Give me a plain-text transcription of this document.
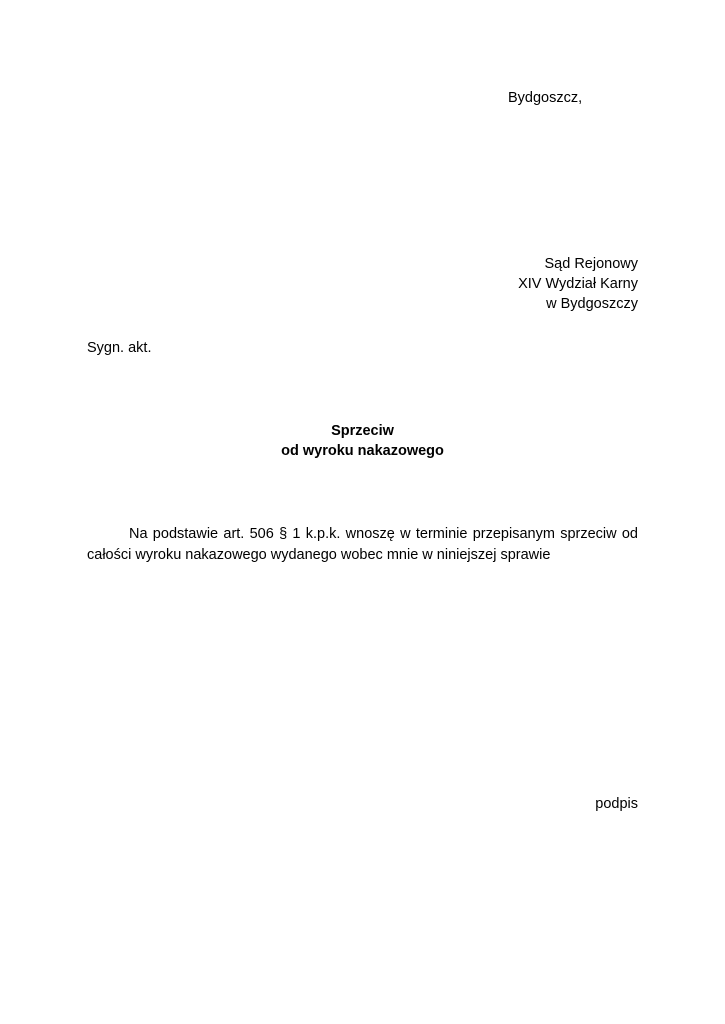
Bydgoszcz,
Sąd Rejonowy
XIV Wydział Karny
w Bydgoszczy
Sygn. akt.
Sprzeciw
od wyroku nakazowego
Na podstawie art. 506 § 1 k.p.k. wnoszę w terminie przepisanym sprzeciw od całości wyroku nakazowego wydanego wobec mnie w niniejszej sprawie
podpis
